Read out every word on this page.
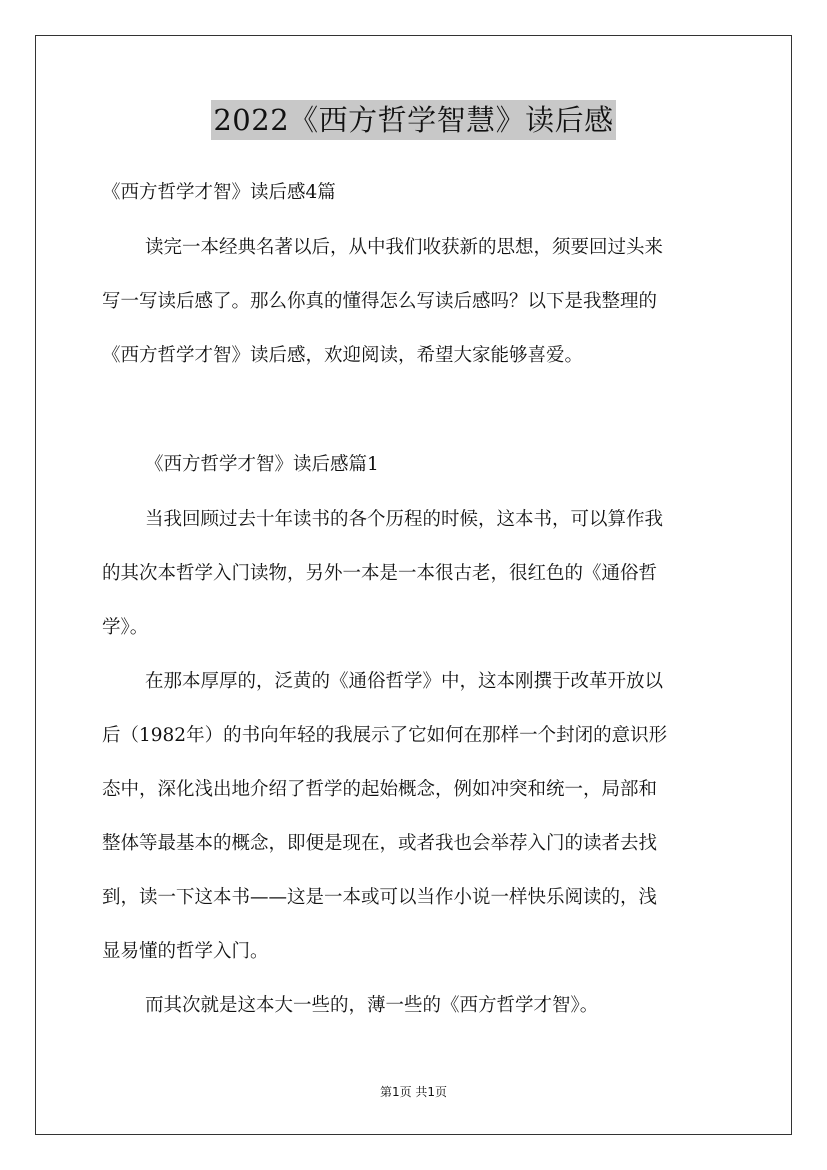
2022《西方哲学智慧》读后感
《西方哲学才智》读后感4篇
读完一本经典名著以后，从中我们收获新的思想，须要回过头来
写一写读后感了。那么你真的懂得怎么写读后感吗？以下是我整理的
《西方哲学才智》读后感，欢迎阅读，希望大家能够喜爱。
《西方哲学才智》读后感篇1
当我回顾过去十年读书的各个历程的时候，这本书，可以算作我
的其次本哲学入门读物，另外一本是一本很古老，很红色的《通俗哲
学》。
在那本厚厚的，泛黄的《通俗哲学》中，这本刚撰于改革开放以
后（1982年）的书向年轻的我展示了它如何在那样一个封闭的意识形
态中，深化浅出地介绍了哲学的起始概念，例如冲突和统一，局部和
整体等最基本的概念，即便是现在，或者我也会举荐入门的读者去找
到，读一下这本书——这是一本或可以当作小说一样快乐阅读的，浅
显易懂的哲学入门。
而其次就是这本大一些的，薄一些的《西方哲学才智》。
第1页 共1页
